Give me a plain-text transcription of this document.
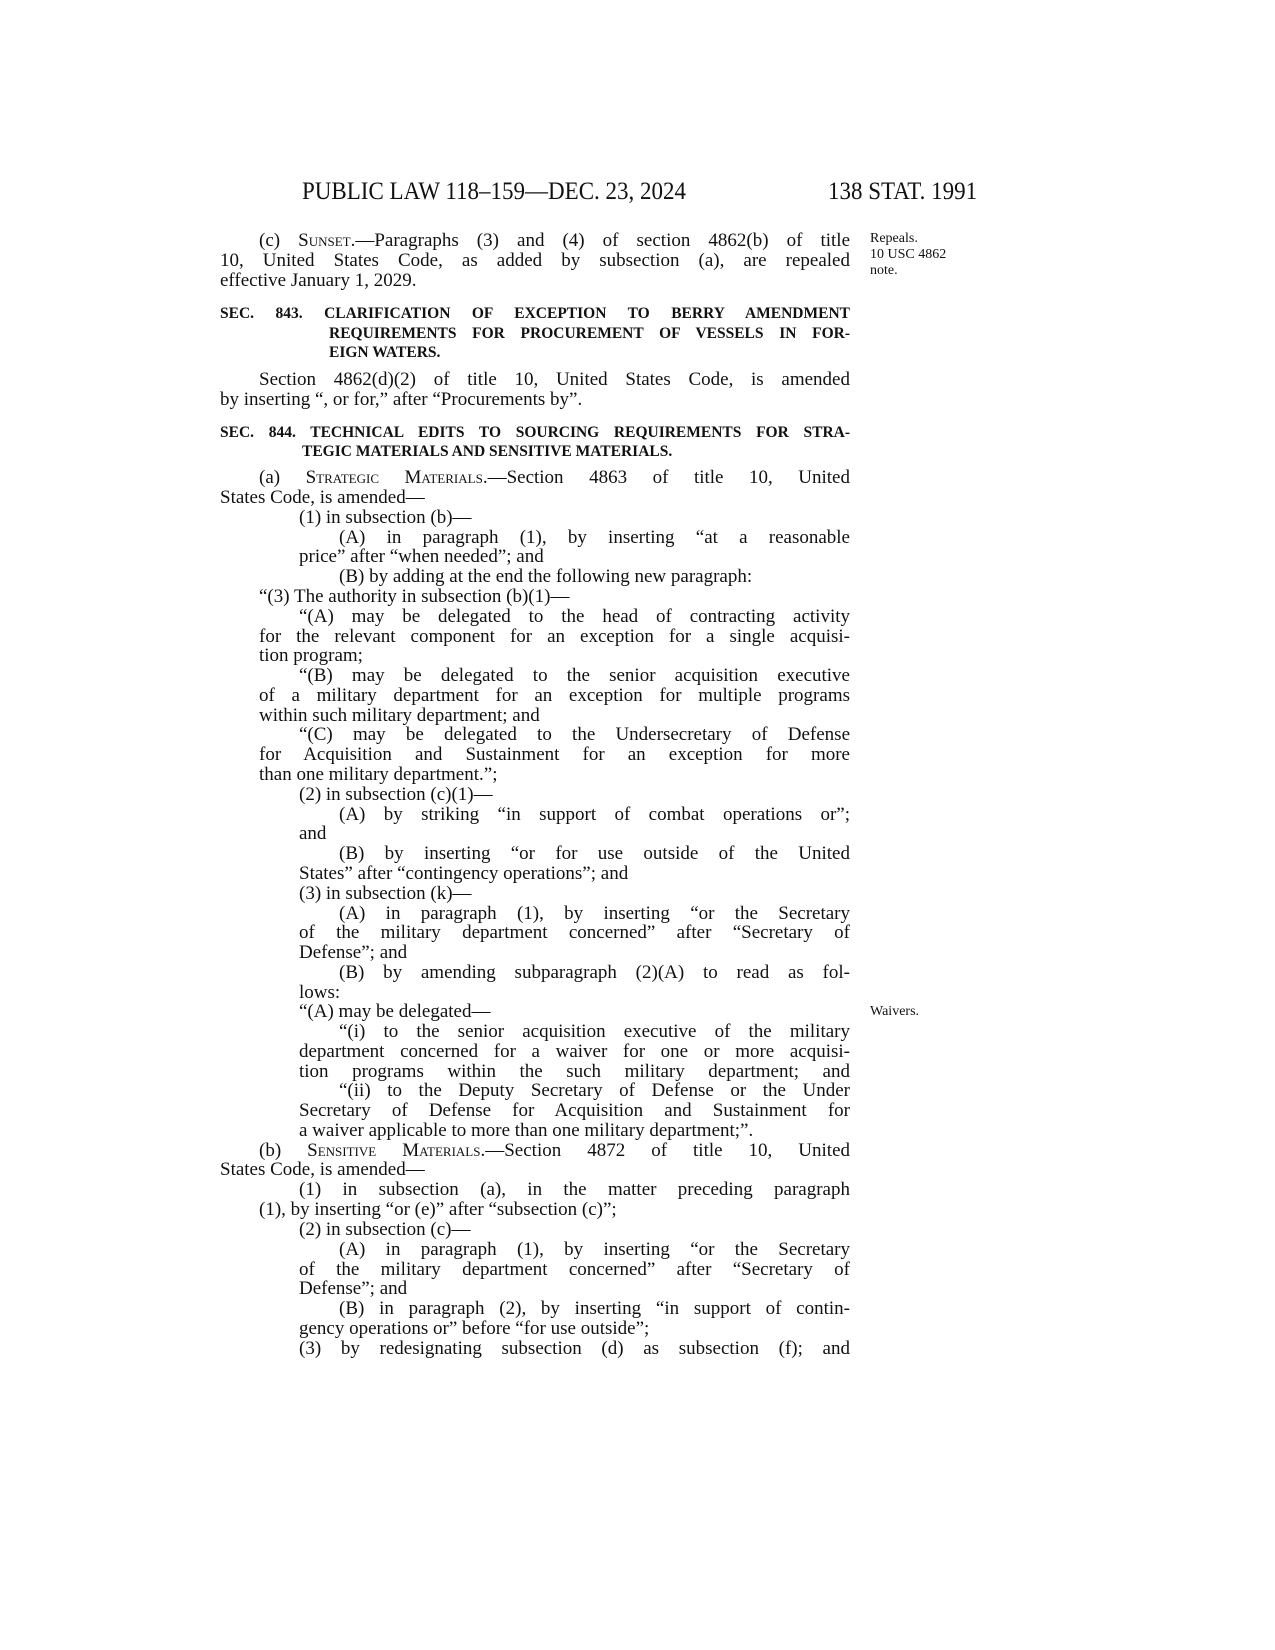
PUBLIC LAW 118–159—DEC. 23, 2024	138 STAT. 1991
(c) Sunset.—Paragraphs (3) and (4) of section 4862(b) of title
10, United States Code, as added by subsection (a), are repealed
effective January 1, 2029.
SEC. 843. CLARIFICATION OF EXCEPTION TO BERRY AMENDMENT
REQUIREMENTS FOR PROCUREMENT OF VESSELS IN FOR-
EIGN WATERS.
Section 4862(d)(2) of title 10, United States Code, is amended
by inserting “, or for,” after “Procurements by”.
SEC. 844. TECHNICAL EDITS TO SOURCING REQUIREMENTS FOR STRA-
TEGIC MATERIALS AND SENSITIVE MATERIALS.
(a) Strategic Materials.—Section 4863 of title 10, United
States Code, is amended—
(1) in subsection (b)—
(A) in paragraph (1), by inserting “at a reasonable
price” after “when needed”; and
(B) by adding at the end the following new paragraph:
“(3) The authority in subsection (b)(1)—
“(A) may be delegated to the head of contracting activity
for the relevant component for an exception for a single acquisi-
tion program;
“(B) may be delegated to the senior acquisition executive
of a military department for an exception for multiple programs
within such military department; and
“(C) may be delegated to the Undersecretary of Defense
for Acquisition and Sustainment for an exception for more
than one military department.”;
(2) in subsection (c)(1)—
(A) by striking “in support of combat operations or”;
and
(B) by inserting “or for use outside of the United
States” after “contingency operations”; and
(3) in subsection (k)—
(A) in paragraph (1), by inserting “or the Secretary
of the military department concerned” after “Secretary of
Defense”; and
(B) by amending subparagraph (2)(A) to read as fol-
lows:
“(A) may be delegated—
“(i) to the senior acquisition executive of the military
department concerned for a waiver for one or more acquisi-
tion programs within the such military department; and
“(ii) to the Deputy Secretary of Defense or the Under
Secretary of Defense for Acquisition and Sustainment for
a waiver applicable to more than one military department;”.
(b) Sensitive Materials.—Section 4872 of title 10, United
States Code, is amended—
(1) in subsection (a), in the matter preceding paragraph
(1), by inserting “or (e)” after “subsection (c)”;
(2) in subsection (c)—
(A) in paragraph (1), by inserting “or the Secretary
of the military department concerned” after “Secretary of
Defense”; and
(B) in paragraph (2), by inserting “in support of contin-
gency operations or” before “for use outside”;
(3) by redesignating subsection (d) as subsection (f); and
Repeals.
10 USC 4862
note.
Waivers.
